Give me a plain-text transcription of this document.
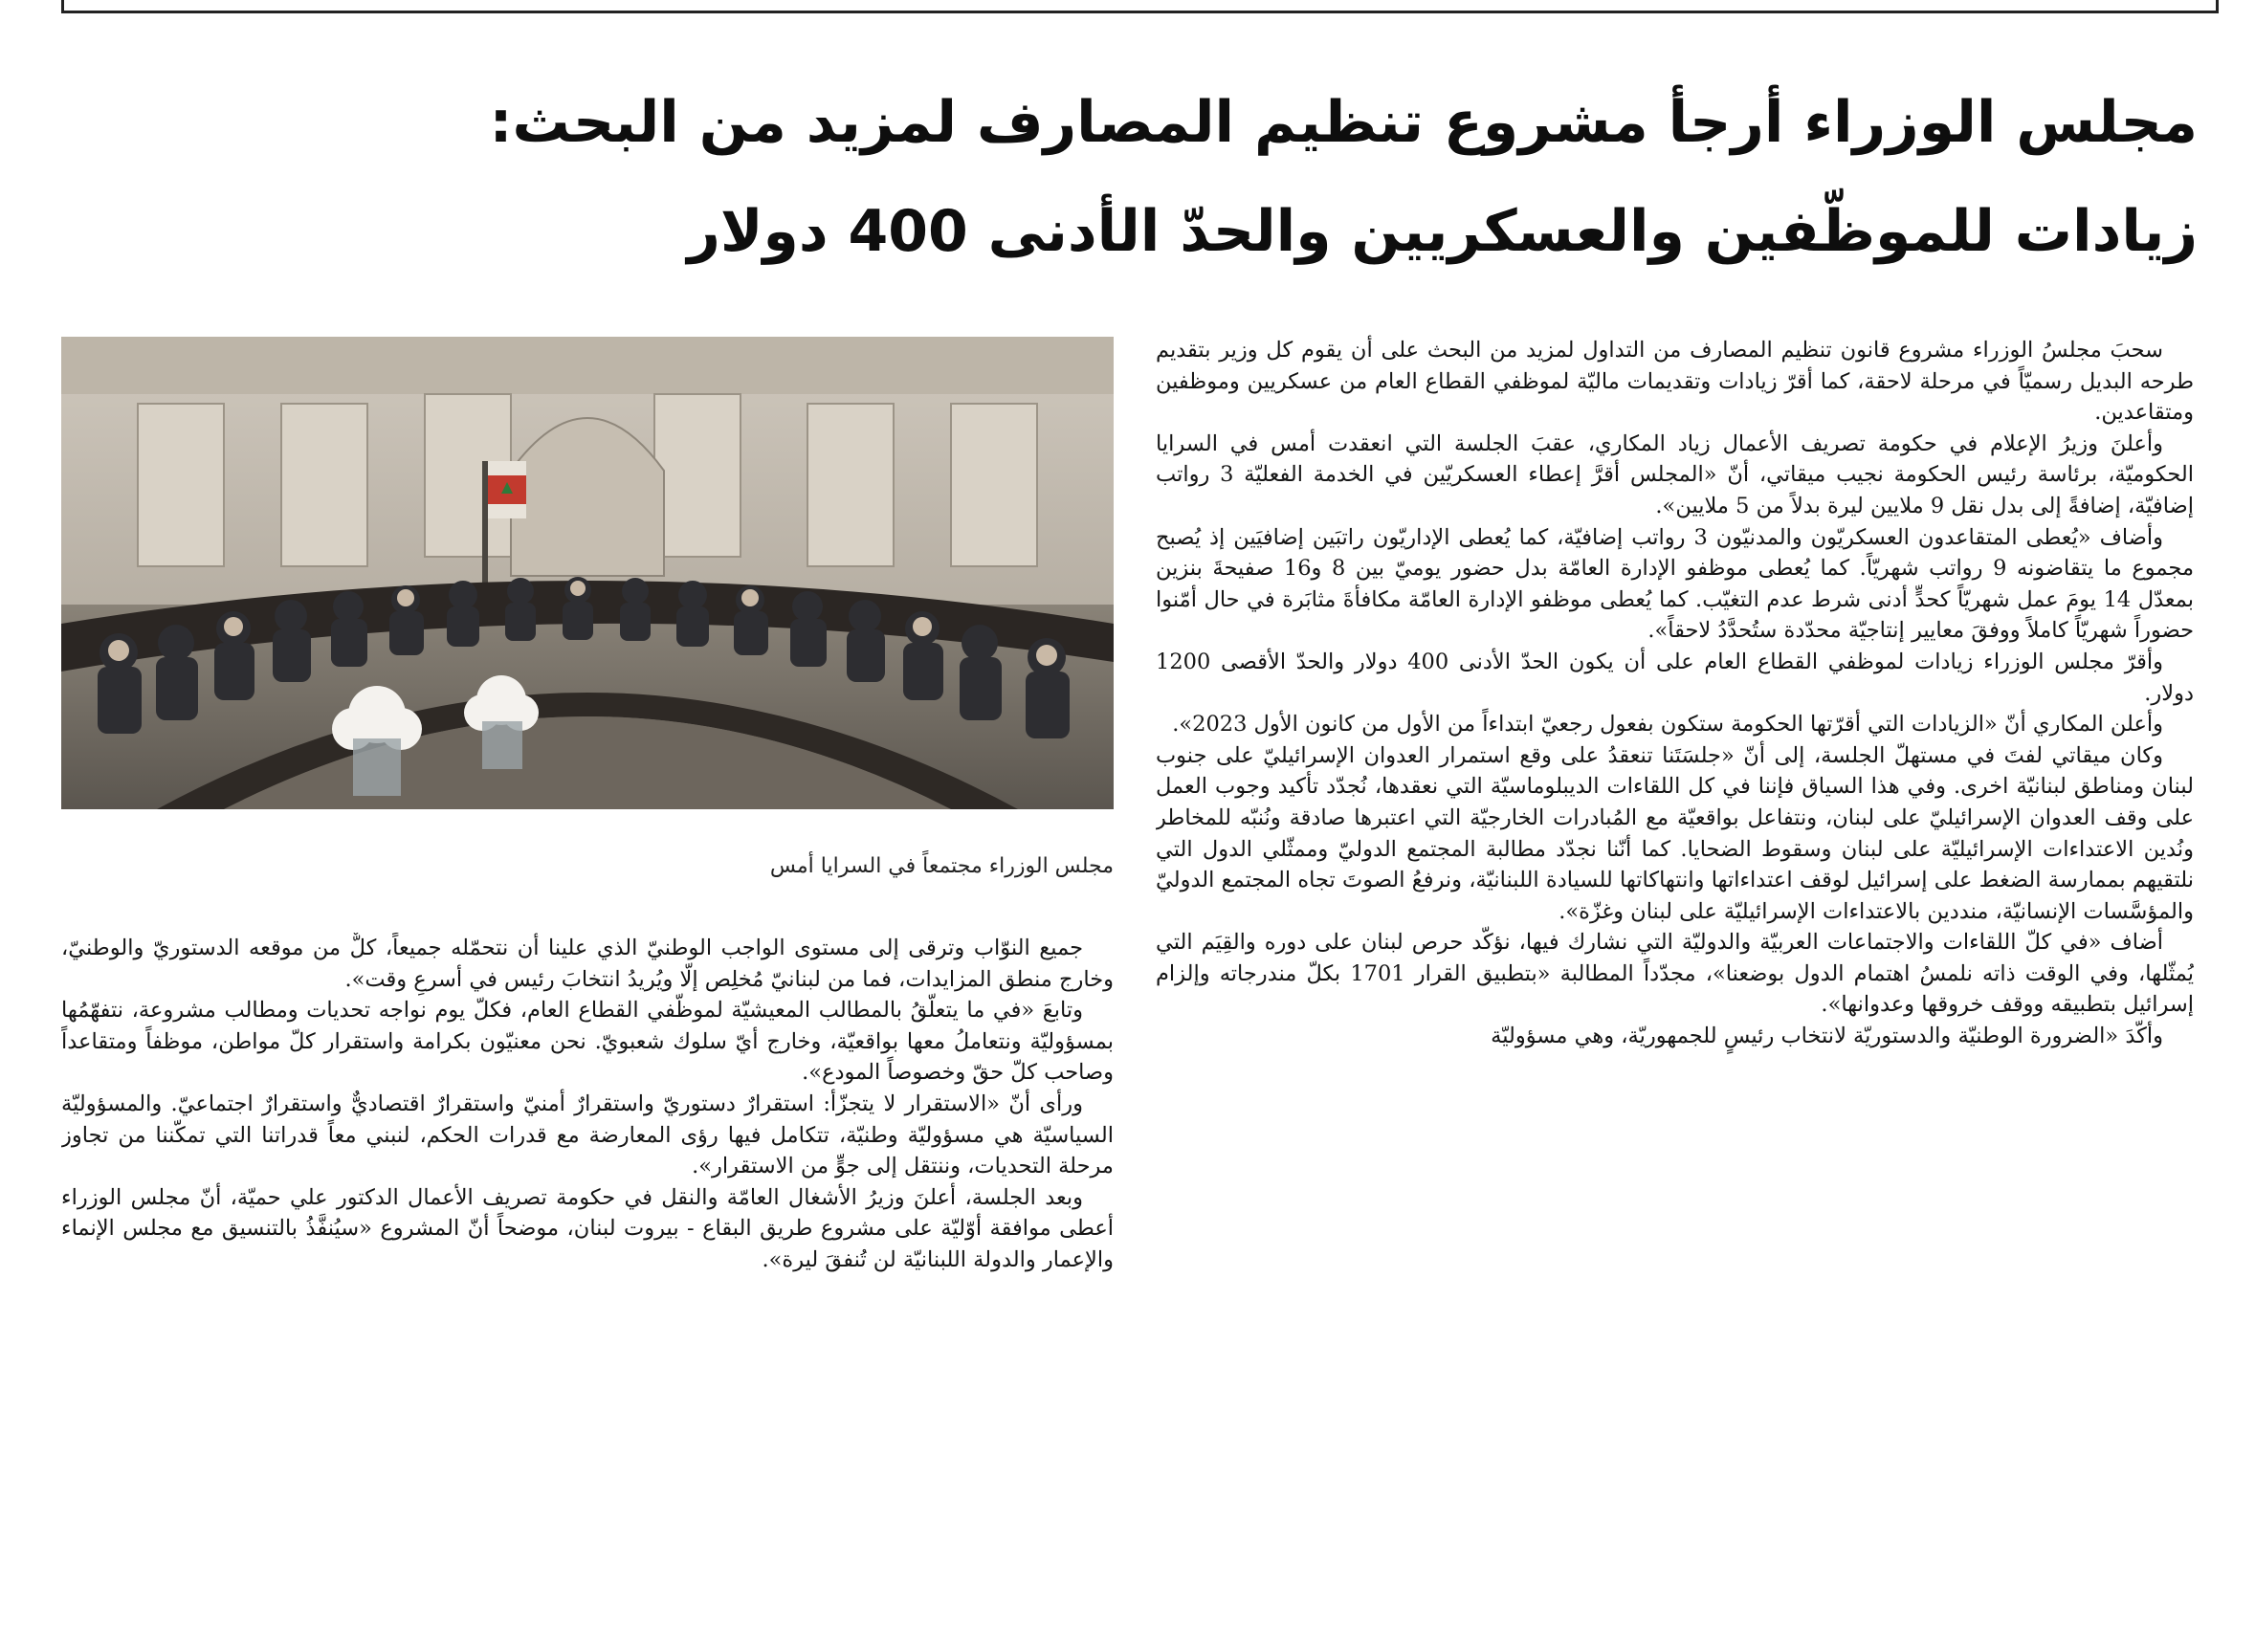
مجلس الوزراء أرجأ مشروع تنظيم المصارف لمزيد من البحث:
زيادات للموظّفين والعسكريين والحدّ الأدنى 400 دولار

سحبَ مجلسُ الوزراء مشروع قانون تنظيم المصارف من التداول لمزيد من البحث على أن يقوم كل وزير بتقديم طرحه البديل رسميّاً في مرحلة لاحقة، كما أقرّ زيادات وتقديمات ماليّة لموظفي القطاع العام من عسكريين وموظفين ومتقاعدين.

وأعلنَ وزيرُ الإعلام في حكومة تصريف الأعمال زياد المكاري، عقبَ الجلسة التي انعقدت أمس في السرايا الحكوميّة، برئاسة رئيس الحكومة نجيب ميقاتي، أنّ «المجلس أقرَّ إعطاء العسكريّين في الخدمة الفعليّة 3 رواتب إضافيّة، إضافةً إلى بدل نقل 9 ملايين ليرة بدلاً من 5 ملايين».

وأضاف «يُعطى المتقاعدون العسكريّون والمدنيّون 3 رواتب إضافيّة، كما يُعطى الإداريّون راتبَين إضافيَين إذ يُصبح مجموع ما يتقاضونه 9 رواتب شهريّاً. كما يُعطى موظفو الإدارة العامّة بدل حضور يوميّ بين 8 و16 صفيحةَ بنزين بمعدّل 14 يومَ عمل شهريّاً كحدٍّ أدنى شرط عدم التغيّب. كما يُعطى موظفو الإدارة العامّة مكافأةَ مثابَرة في حال أمّنوا حضوراً شهريّاً كاملاً ووفقَ معايير إنتاجيّة محدّدة ستُحدَّدُ لاحقاً».

وأقرّ مجلس الوزراء زيادات لموظفي القطاع العام على أن يكون الحدّ الأدنى 400 دولار والحدّ الأقصى 1200 دولار.

وأعلن المكاري أنّ «الزيادات التي أقرّتها الحكومة ستكون بفعول رجعيّ ابتداءاً من الأول من كانون الأول 2023».

وكان ميقاتي لفتَ في مستهلّ الجلسة، إلى أنّ «جلسَتَنا تنعقدُ على وقع استمرار العدوان الإسرائيليّ على جنوب لبنان ومناطق لبنانيّة اخرى. وفي هذا السياق فإننا في كل اللقاءات الديبلوماسيّة التي نعقدها، نُجدّد تأكيد وجوب العمل على وقف العدوان الإسرائيليّ على لبنان، ونتفاعل بواقعيّة مع المُبادرات الخارجيّة التي اعتبرها صادقة ونُنبّه للمخاطر ونُدين الاعتداءات الإسرائيليّة على لبنان وسقوط الضحايا. كما أنّنا نجدّد مطالبة المجتمع الدوليّ وممثّلي الدول التي نلتقيهم بممارسة الضغط على إسرائيل لوقف اعتداءاتها وانتهاكاتها للسيادة اللبنانيّة، ونرفعُ الصوتَ تجاه المجتمع الدوليّ والمؤسَّسات الإنسانيّة، منددين بالاعتداءات الإسرائيليّة على لبنان وغزّة».

أضاف «في كلّ اللقاءات والاجتماعات العربيّة والدوليّة التي نشارك فيها، نؤكّد حرص لبنان على دوره والقِيَم التي يُمثّلها، وفي الوقت ذاته نلمسُ اهتمام الدول بوضعنا»، مجدّداً المطالبة «بتطبيق القرار 1701 بكلّ مندرجاته وإلزام إسرائيل بتطبيقه ووقف خروقها وعدوانها».

وأكّدَ «الضرورة الوطنيّة والدستوريّة لانتخاب رئيسٍ للجمهوريّة، وهي مسؤوليّة

مجلس الوزراء مجتمعاً في السرايا أمس

جميع النوّاب وترقى إلى مستوى الواجب الوطنيّ الذي علينا أن نتحمّله جميعاً، كلٌّ من موقعه الدستوريّ والوطنيّ، وخارج منطق المزايدات، فما من لبنانيّ مُخلِص إلّا ويُريدُ انتخابَ رئيس في أسرعِ وقت».

وتابعَ «في ما يتعلّقُ بالمطالب المعيشيّة لموظّفي القطاع العام، فكلّ يوم نواجه تحديات ومطالب مشروعة، نتفهّمُها بمسؤوليّة ونتعاملُ معها بواقعيّة، وخارج أيّ سلوك شعبويّ. نحن معنيّون بكرامة واستقرار كلّ مواطن، موظفاً ومتقاعداً وصاحب كلّ حقّ وخصوصاً المودع».

ورأى أنّ «الاستقرار لا يتجزّأ: استقرارٌ دستوريّ واستقرارٌ أمنيّ واستقرارٌ اقتصاديٌّ واستقرارٌ اجتماعيّ. والمسؤوليّة السياسيّة هي مسؤوليّة وطنيّة، تتكامل فيها رؤى المعارضة مع قدرات الحكم، لنبني معاً قدراتنا التي تمكّننا من تجاوز مرحلة التحديات، وننتقل إلى جوٍّ من الاستقرار».

وبعد الجلسة، أعلنَ وزيرُ الأشغال العامّة والنقل في حكومة تصريف الأعمال الدكتور علي حميّة، أنّ مجلس الوزراء أعطى موافقة أوّليّة على مشروع طريق البقاع - بيروت لبنان، موضحاً أنّ المشروع «سيُنفَّذُ بالتنسيق مع مجلس الإنماء والإعمار والدولة اللبنانيّة لن تُنفقَ ليرة».
